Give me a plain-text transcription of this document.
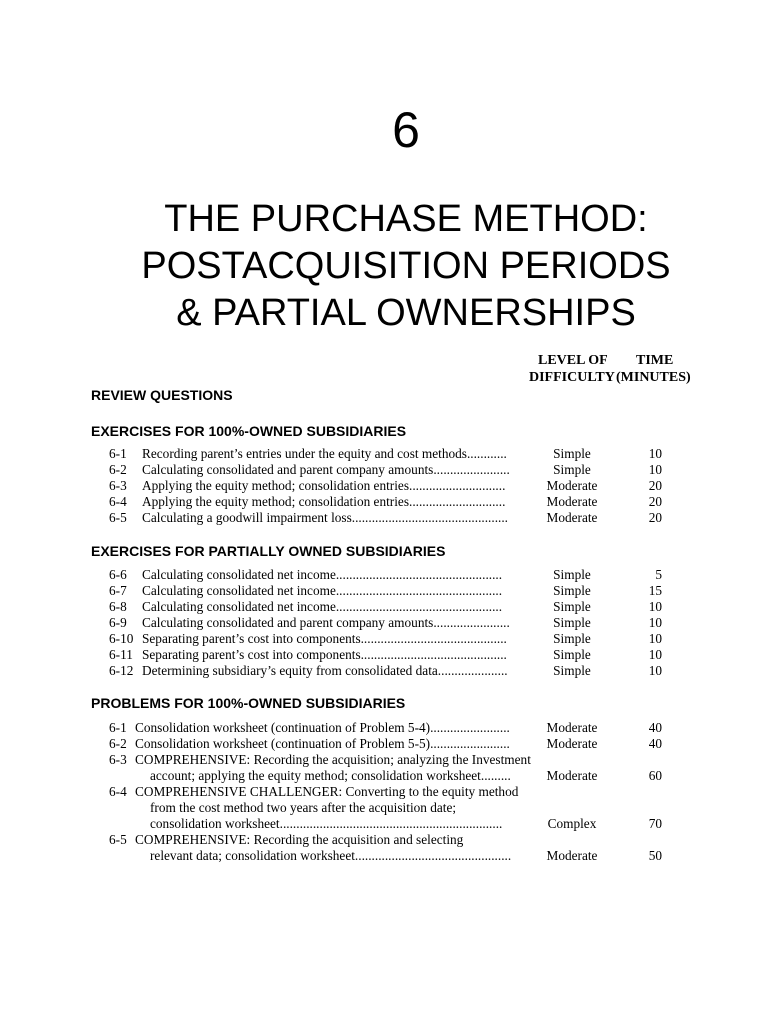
6
THE PURCHASE METHOD:
POSTACQUISITION PERIODS
& PARTIAL OWNERSHIPS
LEVEL OF TIME
DIFFICULTY (MINUTES)
REVIEW QUESTIONS
EXERCISES FOR 100%-OWNED SUBSIDIARIES
6-1 Recording parent’s entries under the equity and cost methods............	Simple	10
6-2 Calculating consolidated and parent company amounts.......................	Simple	10
6-3 Applying the equity method; consolidation entries.............................	Moderate	20
6-4 Applying the equity method; consolidation entries.............................	Moderate	20
6-5 Calculating a goodwill impairment loss...............................................	Moderate	20
EXERCISES FOR PARTIALLY OWNED SUBSIDIARIES
6-6 Calculating consolidated net income..................................................	Simple	5
6-7 Calculating consolidated net income..................................................	Simple	15
6-8 Calculating consolidated net income..................................................	Simple	10
6-9 Calculating consolidated and parent company amounts.......................	Simple	10
6-10 Separating parent’s cost into components............................................	Simple	10
6-11 Separating parent’s cost into components............................................	Simple	10
6-12 Determining subsidiary’s equity from consolidated data.....................	Simple	10
PROBLEMS FOR 100%-OWNED SUBSIDIARIES
6-1 Consolidation worksheet (continuation of Problem 5-4)........................	Moderate	40
6-2 Consolidation worksheet (continuation of Problem 5-5)........................	Moderate	40
6-3 COMPREHENSIVE: Recording the acquisition; analyzing the Investment
account; applying the equity method; consolidation worksheet.........	Moderate	60
6-4 COMPREHENSIVE CHALLENGER: Converting to the equity method
from the cost method two years after the acquisition date;
consolidation worksheet...................................................................	Complex	70
6-5 COMPREHENSIVE: Recording the acquisition and selecting
relevant data; consolidation worksheet...............................................	Moderate	50
